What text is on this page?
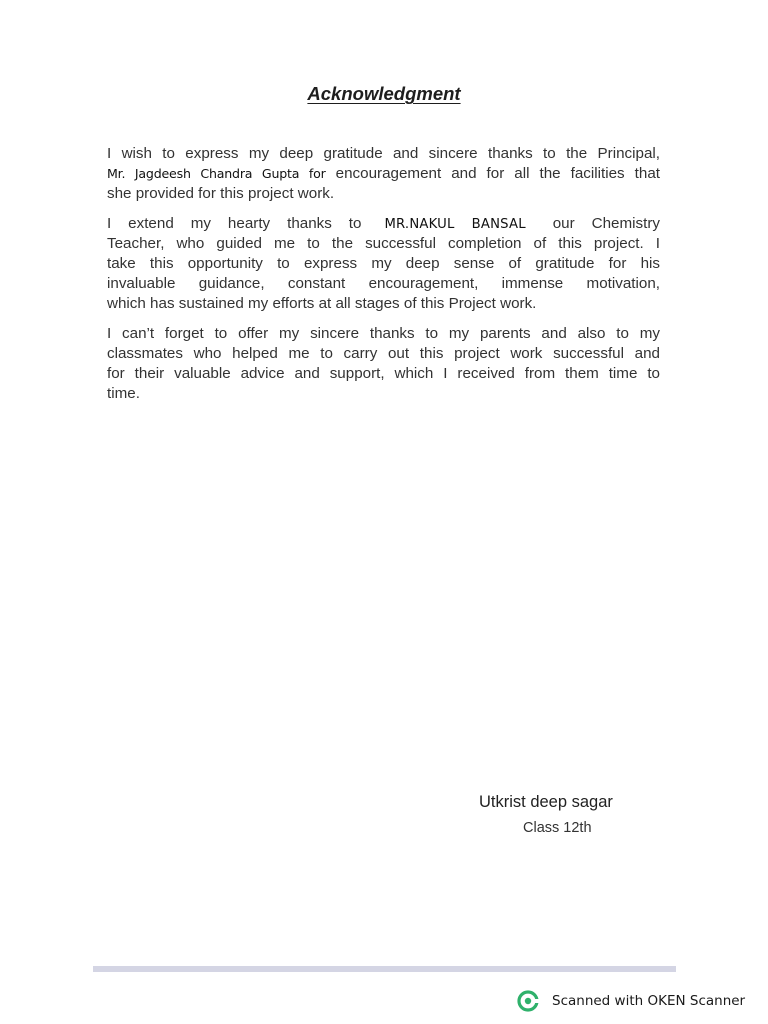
Acknowledgment
I wish to express my deep gratitude and sincere thanks to the Principal,
Mr. Jagdeesh Chandra Gupta for encouragement and for all the facilities that
she provided for this project work.
I extend my hearty thanks to MR.NAKUL BANSAL our Chemistry
Teacher, who guided me to the successful completion of this project. I
take this opportunity to express my deep sense of gratitude for his
invaluable guidance, constant encouragement, immense motivation,
which has sustained my efforts at all stages of this Project work.
I can’t forget to offer my sincere thanks to my parents and also to my
classmates who helped me to carry out this project work successful and
for their valuable advice and support, which I received from them time to
time.
Utkrist deep sagar
Class 12th
Scanned with OKEN Scanner
